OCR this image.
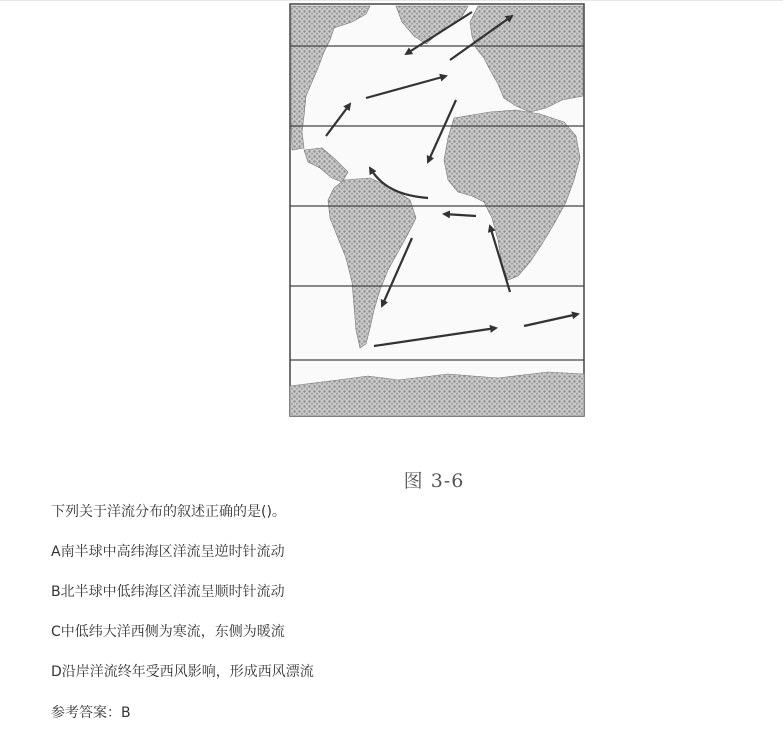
图 3-6
下列关于洋流分布的叙述正确的是()。
A南半球中高纬海区洋流呈逆时针流动
B北半球中低纬海区洋流呈顺时针流动
C中低纬大洋西侧为寒流，东侧为暖流
D沿岸洋流终年受西风影响，形成西风漂流
参考答案：B
